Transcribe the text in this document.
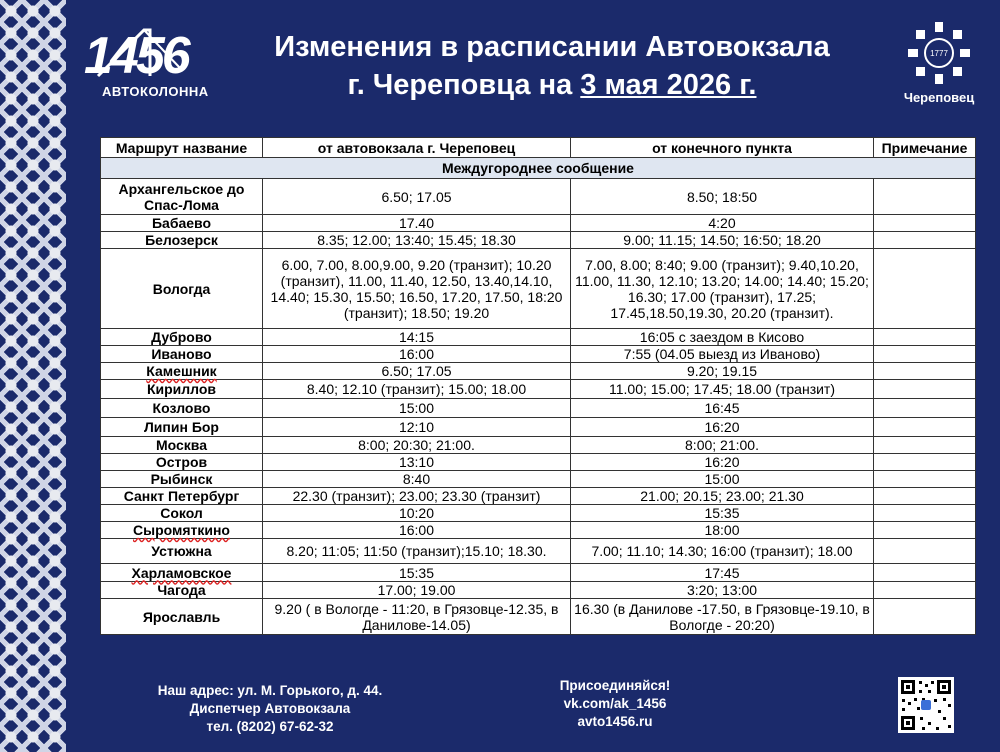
1456
АВТОКОЛОННА
Изменения в расписании Автовокзала
г. Череповца на 3 мая 2026 г.
1777
Череповец
Маршрут название	от автовокзала г. Череповец	от конечного пункта	Примечание
Междугороднее сообщение			
Архангельское до Спас-Лома	6.50; 17.05	8.50; 18:50	
Бабаево	17.40	4:20	
Белозерск	8.35; 12.00; 13:40; 15.45; 18.30	9.00; 11.15; 14.50; 16:50; 18.20	
Вологда	6.00, 7.00, 8.00,9.00, 9.20 (транзит); 10.20 (транзит), 11.00, 11.40, 12.50, 13.40,14.10, 14.40; 15.30, 15.50; 16.50, 17.20, 17.50, 18:20 (транзит); 18.50; 19.20	7.00, 8.00; 8:40; 9.00 (транзит); 9.40,10.20, 11.00, 11.30, 12.10; 13.20; 14.00; 14.40; 15.20; 16.30; 17.00 (транзит), 17.25; 17.45,18.50,19.30, 20.20 (транзит).	
Дуброво	14:15	16:05 с заездом в Кисово	
Иваново	16:00	7:55 (04.05 выезд из Иваново)	
Камешник	6.50; 17.05	9.20; 19.15	
Кириллов	8.40; 12.10 (транзит); 15.00; 18.00	11.00; 15.00; 17.45; 18.00 (транзит)	
Козлово	15:00	16:45	
Липин Бор	12:10	16:20	
Москва	8:00; 20:30; 21:00.	8:00; 21:00.	
Остров	13:10	16:20	
Рыбинск	8:40	15:00	
Санкт Петербург	22.30 (транзит); 23.00; 23.30 (транзит)	21.00; 20.15; 23.00; 21.30	
Сокол	10:20	15:35	
Сыромяткино	16:00	18:00	
Устюжна	8.20; 11:05; 11:50 (транзит);15.10; 18.30.	7.00; 11.10; 14.30; 16:00 (транзит); 18.00	
Харламовское	15:35	17:45	
Чагода	17.00; 19.00	3:20; 13:00	
Ярославль	9.20 ( в Вологде - 11:20, в Грязовце-12.35, в Данилове-14.05)	16.30 (в Данилове -17.50, в Грязовце-19.10, в Вологде - 20:20)	
Наш адрес: ул. М. Горького, д. 44.
Диспетчер Автовокзала
тел. (8202) 67-62-32
Присоединяйся!
vk.com/ak_1456
avto1456.ru
